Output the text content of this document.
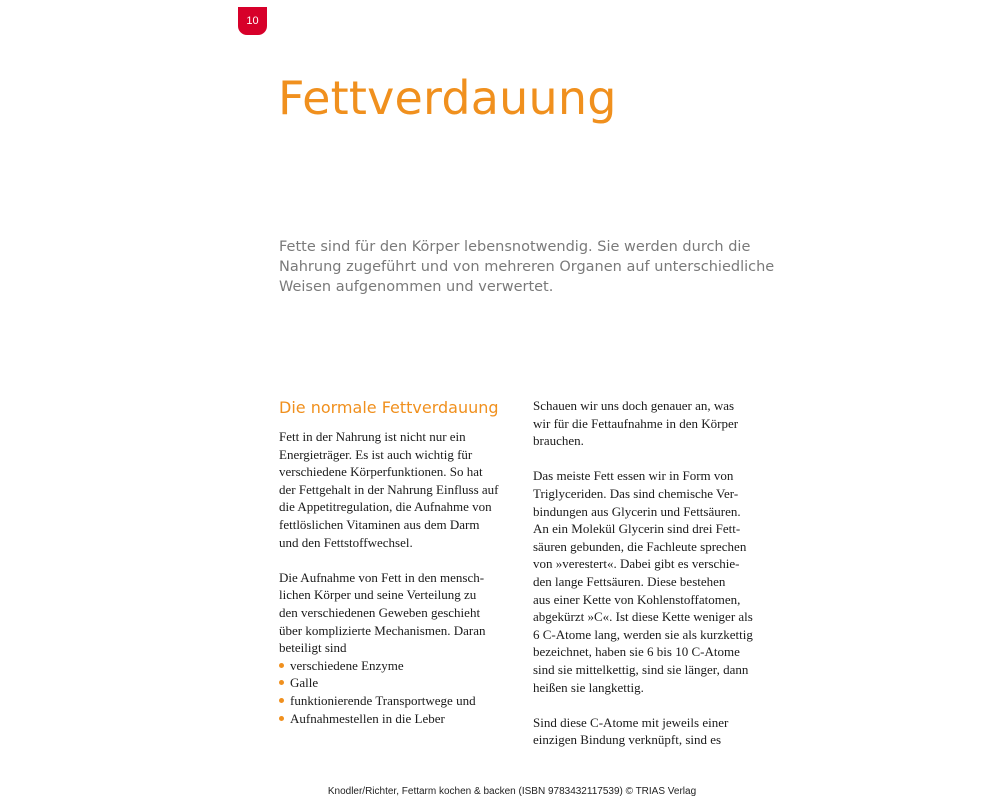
10
Fettverdauung

Fette sind für den Körper lebensnotwendig. Sie werden durch die
Nahrung zugeführt und von mehreren Organen auf unterschiedliche
Weisen aufgenommen und verwertet.

Die normale Fettverdauung

Fett in der Nahrung ist nicht nur ein
Energieträger. Es ist auch wichtig für
verschiedene Körperfunktionen. So hat
der Fettgehalt in der Nahrung Einfluss auf
die Appetitregulation, die Aufnahme von
fettlöslichen Vitaminen aus dem Darm
und den Fettstoffwechsel.

Die Aufnahme von Fett in den mensch-
lichen Körper und seine Verteilung zu
den verschiedenen Geweben geschieht
über komplizierte Mechanismen. Daran
beteiligt sind

verschiedene Enzyme
Galle
funktionierende Transportwege und
Aufnahmestellen in die Leber

Schauen wir uns doch genauer an, was
wir für die Fettaufnahme in den Körper
brauchen.

Das meiste Fett essen wir in Form von
Triglyceriden. Das sind chemische Ver-
bindungen aus Glycerin und Fettsäuren.
An ein Molekül Glycerin sind drei Fett-
säuren gebunden, die Fachleute sprechen
von »verestert«. Dabei gibt es verschie-
den lange Fettsäuren. Diese bestehen
aus einer Kette von Kohlenstoffatomen,
abgekürzt »C«. Ist diese Kette weniger als
6 C-Atome lang, werden sie als kurzkettig
bezeichnet, haben sie 6 bis 10 C-Atome
sind sie mittelkettig, sind sie länger, dann
heißen sie langkettig.

Sind diese C-Atome mit jeweils einer
einzigen Bindung verknüpft, sind es

Knodler/Richter, Fettarm kochen & backen (ISBN 9783432117539) © TRIAS Verlag
